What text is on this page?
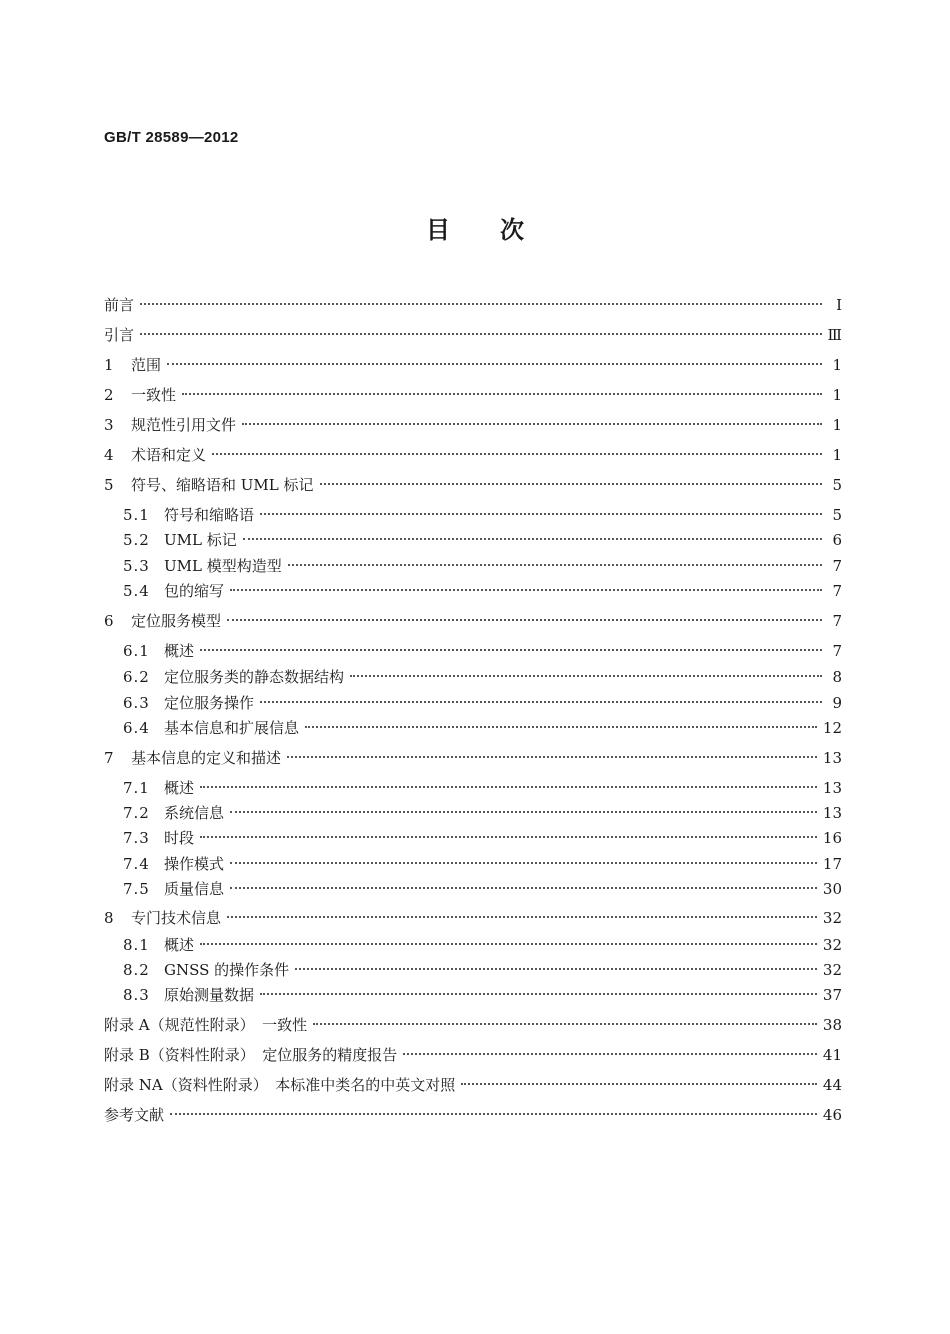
GB/T 28589—2012
目 次
前言	Ⅰ
引言	Ⅲ
1	范围	1
2	一致性	1
3	规范性引用文件	1
4	术语和定义	1
5	符号、缩略语和 UML 标记	5
5.1 符号和缩略语	5
5.2 UML 标记	6
5.3 UML 模型构造型	7
5.4 包的缩写	7
6	定位服务模型	7
6.1 概述	7
6.2 定位服务类的静态数据结构	8
6.3 定位服务操作	9
6.4 基本信息和扩展信息	12
7	基本信息的定义和描述	13
7.1 概述	13
7.2 系统信息	13
7.3 时段	16
7.4 操作模式	17
7.5 质量信息	30
8	专门技术信息	32
8.1 概述	32
8.2 GNSS 的操作条件	32
8.3 原始测量数据	37
附录 A（规范性附录）　一致性	38
附录 B（资料性附录）　定位服务的精度报告	41
附录 NA（资料性附录）　本标准中类名的中英文对照	44
参考文献	46
